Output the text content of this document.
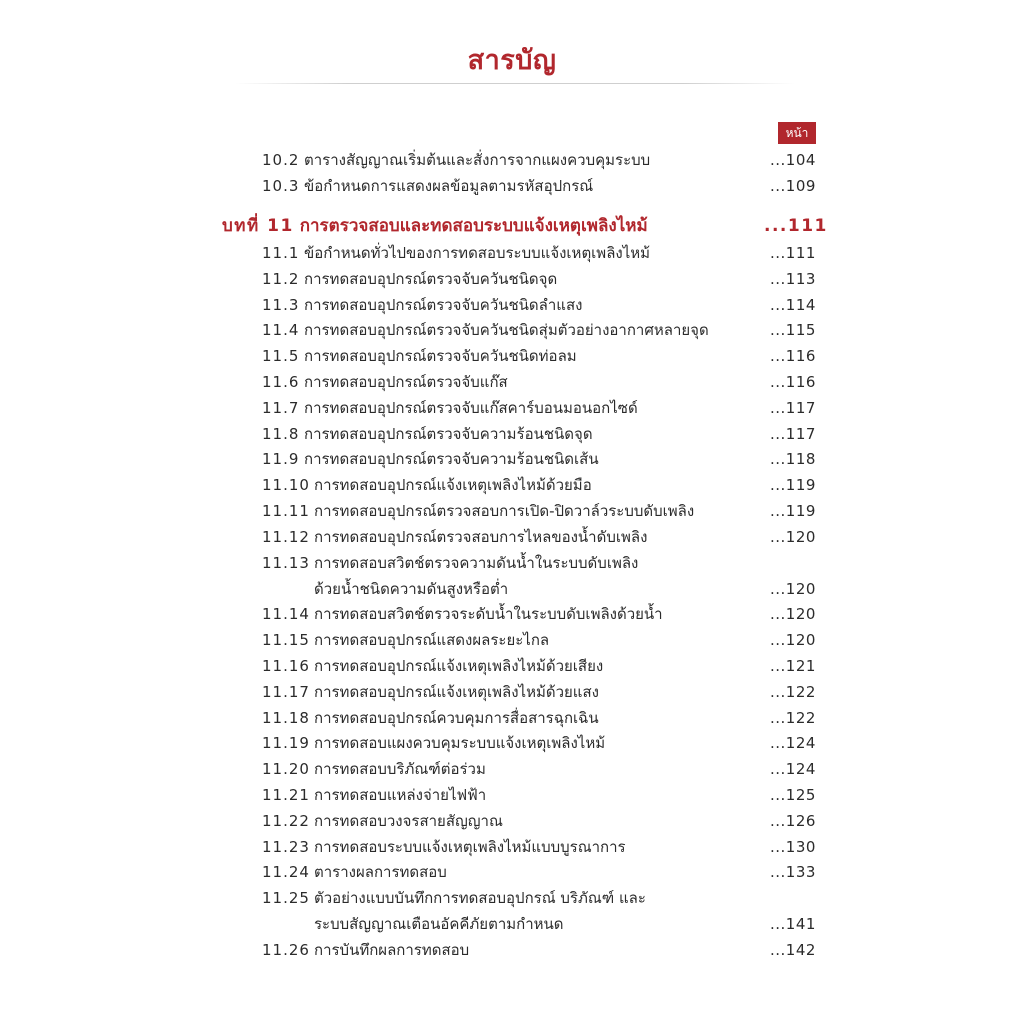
สารบัญ
หน้า
10.2 ตารางสัญญาณเริ่มต้นและสั่งการจากแผงควบคุมระบบ	...104
10.3 ข้อกำหนดการแสดงผลข้อมูลตามรหัสอุปกรณ์	...109
บทที่ 11 การตรวจสอบและทดสอบระบบแจ้งเหตุเพลิงไหม้	...111
11.1 ข้อกำหนดทั่วไปของการทดสอบระบบแจ้งเหตุเพลิงไหม้	...111
11.2 การทดสอบอุปกรณ์ตรวจจับควันชนิดจุด	...113
11.3 การทดสอบอุปกรณ์ตรวจจับควันชนิดลำแสง	...114
11.4 การทดสอบอุปกรณ์ตรวจจับควันชนิดสุ่มตัวอย่างอากาศหลายจุด	...115
11.5 การทดสอบอุปกรณ์ตรวจจับควันชนิดท่อลม	...116
11.6 การทดสอบอุปกรณ์ตรวจจับแก๊ส	...116
11.7 การทดสอบอุปกรณ์ตรวจจับแก๊สคาร์บอนมอนอกไซด์	...117
11.8 การทดสอบอุปกรณ์ตรวจจับความร้อนชนิดจุด	...117
11.9 การทดสอบอุปกรณ์ตรวจจับความร้อนชนิดเส้น	...118
11.10 การทดสอบอุปกรณ์แจ้งเหตุเพลิงไหม้ด้วยมือ	...119
11.11 การทดสอบอุปกรณ์ตรวจสอบการเปิด-ปิดวาล์วระบบดับเพลิง	...119
11.12 การทดสอบอุปกรณ์ตรวจสอบการไหลของน้ำดับเพลิง	...120
11.13 การทดสอบสวิตช์ตรวจความดันน้ำในระบบดับเพลิง
ด้วยน้ำชนิดความดันสูงหรือต่ำ	...120
11.14 การทดสอบสวิตช์ตรวจระดับน้ำในระบบดับเพลิงด้วยน้ำ	...120
11.15 การทดสอบอุปกรณ์แสดงผลระยะไกล	...120
11.16 การทดสอบอุปกรณ์แจ้งเหตุเพลิงไหม้ด้วยเสียง	...121
11.17 การทดสอบอุปกรณ์แจ้งเหตุเพลิงไหม้ด้วยแสง	...122
11.18 การทดสอบอุปกรณ์ควบคุมการสื่อสารฉุกเฉิน	...122
11.19 การทดสอบแผงควบคุมระบบแจ้งเหตุเพลิงไหม้	...124
11.20 การทดสอบบริภัณฑ์ต่อร่วม	...124
11.21 การทดสอบแหล่งจ่ายไฟฟ้า	...125
11.22 การทดสอบวงจรสายสัญญาณ	...126
11.23 การทดสอบระบบแจ้งเหตุเพลิงไหม้แบบบูรณาการ	...130
11.24 ตารางผลการทดสอบ	...133
11.25 ตัวอย่างแบบบันทึกการทดสอบอุปกรณ์ บริภัณฑ์ และ
ระบบสัญญาณเตือนอัคคีภัยตามกำหนด	...141
11.26 การบันทึกผลการทดสอบ	...142
